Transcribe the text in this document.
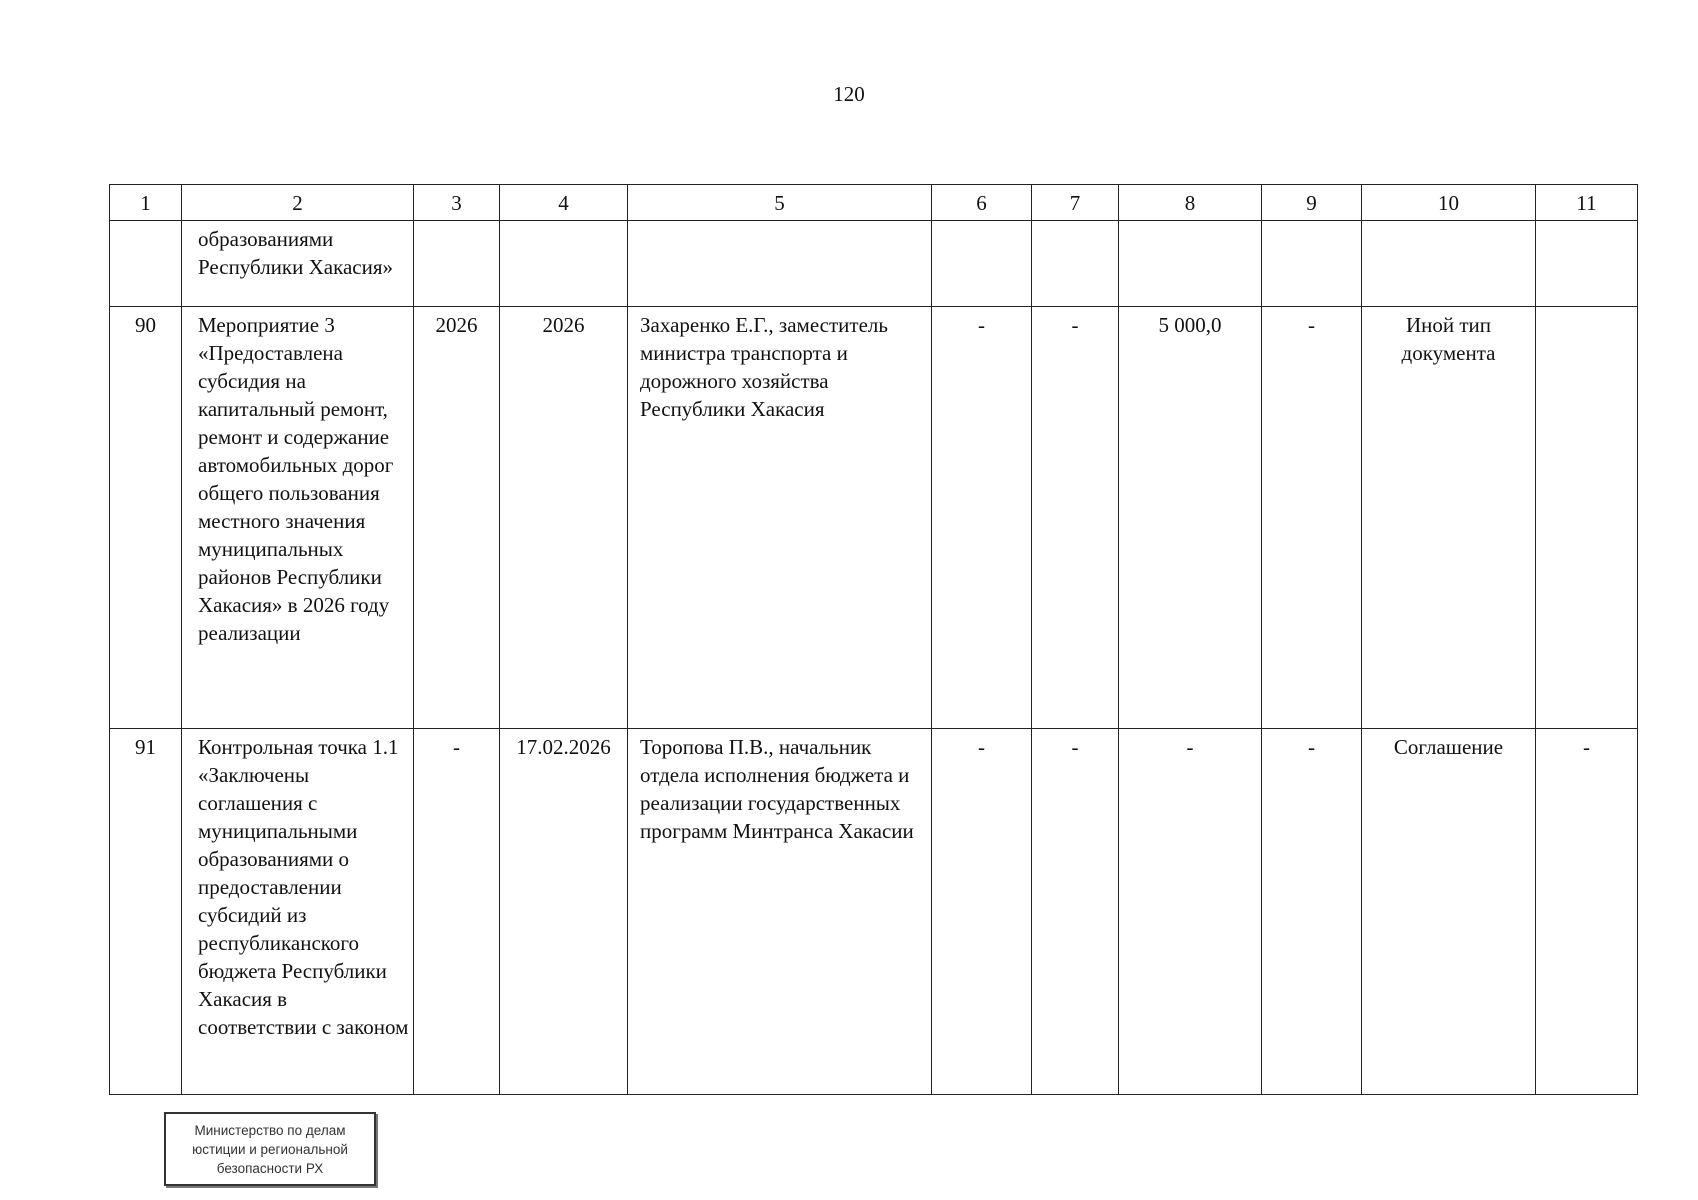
120
1	2	3	4	5	6	7	8	9	10	11
	образованиями Республики Хакасия»									
90	Мероприятие 3 «Предоставлена субсидия на капитальный ремонт, ремонт и содержание автомобильных дорог общего пользования местного значения муниципальных районов Республики Хакасия» в 2026 году реализации	2026	2026	Захаренко Е.Г., заместитель министра транспорта и дорожного хозяйства Республики Хакасия	-	-	5 000,0	-	Иной тип документа	
91	Контрольная точка 1.1 «Заключены соглашения с муниципальными образованиями о предоставлении субсидий из республиканского бюджета Республики Хакасия в соответствии с законом	-	17.02.2026	Торопова П.В., начальник отдела исполнения бюджета и реализации государственных программ Минтранса Хакасии	-	-	-	-	Соглашение	-
Министерство по делам
юстиции и региональной
безопасности РХ
